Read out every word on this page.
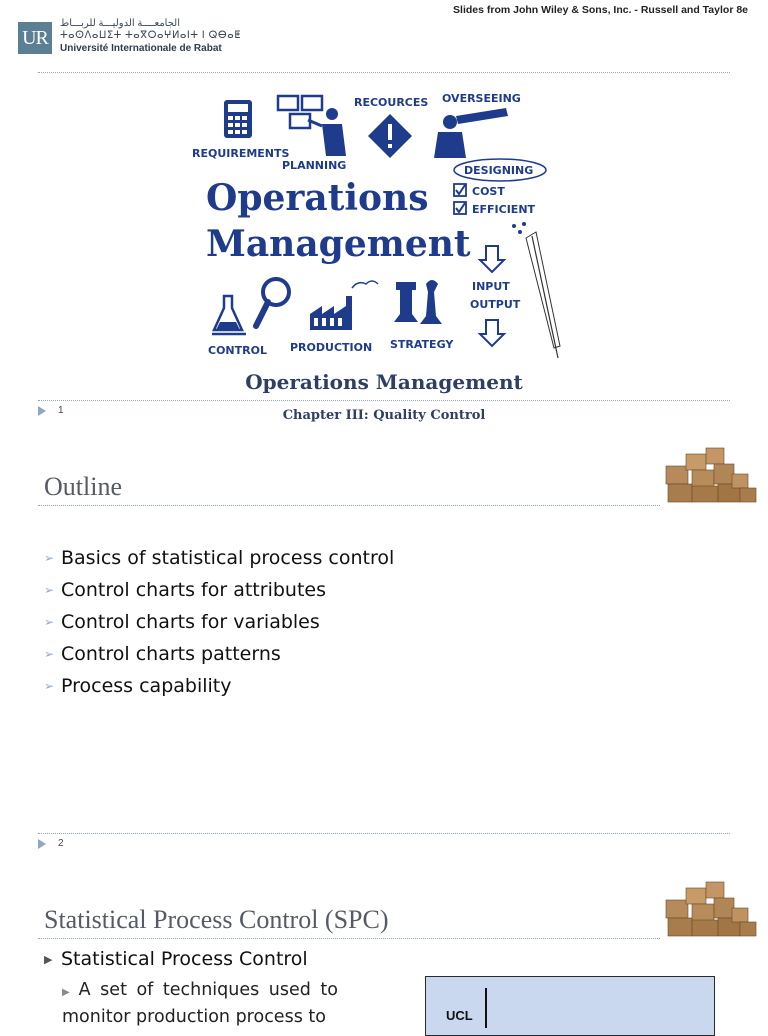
UR
الجامعــــة الدوليـــة للربـــاط
ⵜⴰⵙⴷⴰⵡⵉⵜ ⵜⴰⴳⵔⴰⵖⵍⴰⵏⵜ ⵏ ⵕⴱⴰⵟ
Université Internationale de Rabat
Slides from John Wiley & Sons, Inc. - Russell and Taylor 8e
REQUIREMENTS
PLANNING
RECOURCES OVERSEEING
DESIGNING
COST
EFFICIENT
Operations
Management
INPUT
OUTPUT
CONTROL PRODUCTION STRATEGY
Operations Management
1	Chapter III: Quality Control
Outline
➢ Basics of statistical process control
➢ Control charts for attributes
➢ Control charts for variables
➢ Control charts patterns
➢ Process capability
2
Statistical Process Control (SPC)
▶ Statistical Process Control
▶ A set of techniques used to monitor production process to	UCL
